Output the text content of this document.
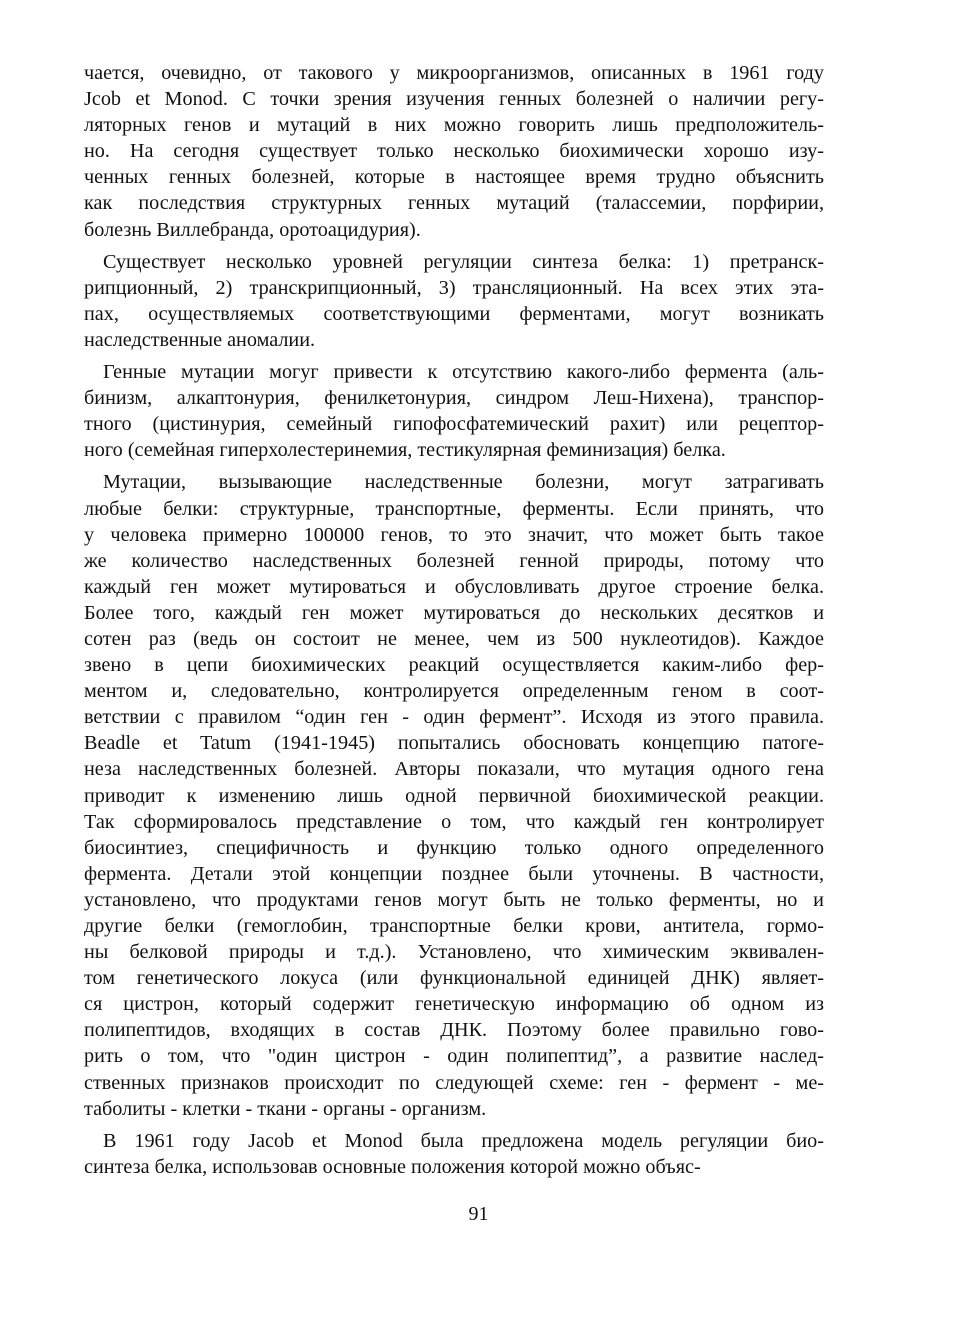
чается, очевидно, от такового у микроорганизмов, описанных в 1961 году
Jcob et Monod. С точки зрения изучения генных болезней о наличии регу-
ляторных генов и мутаций в них можно говорить лишь предположитель-
но. На сегодня существует только несколько биохимически хорошо изу-
ченных генных болезней, которые в настоящее время трудно объяснить
как последствия структурных генных мутаций (талассемии, порфирии,
болезнь Виллебранда, оротоацидурия).
Существует несколько уровней регуляции синтеза белка: 1) претранск-
рипционный, 2) транскрипционный, 3) трансляционный. На всех этих эта-
пах, осуществляемых соответствующими ферментами, могут возникать
наследственные аномалии.
Генные мутации могуг привести к отсутствию какого-либо фермента (аль-
бинизм, алкаптонурия, фенилкетонурия, синдром Леш-Нихена), транспор-
тного (цистинурия, семейный гипофосфатемический рахит) или рецептор-
ного (семейная гиперхолестеринемия, тестикулярная феминизация) белка.
Мутации, вызывающие наследственные болезни, могут затрагивать
любые белки: структурные, транспортные, ферменты. Если принять, что
у человека примерно 100000 генов, то это значит, что может быть такое
же количество наследственных болезней генной природы, потому что
каждый ген может мутироваться и обусловливать другое строение белка.
Более того, каждый ген может мутироваться до нескольких десятков и
сотен раз (ведь он состоит не менее, чем из 500 нуклеотидов). Каждое
звено в цепи биохимических реакций осуществляется каким-либо фер-
ментом и, следовательно, контролируется определенным геном в соот-
ветствии с правилом “один ген - один фермент”. Исходя из этого правила.
Beadle et Tatum (1941-1945) попытались обосновать концепцию патоге-
неза наследственных болезней. Авторы показали, что мутация одного гена
приводит к изменению лишь одной первичной биохимической реакции.
Так сформировалось представление о том, что каждый ген контролирует
биосинтиез, специфичность и функцию только одного определенного
фермента. Детали этой концепции позднее были уточнены. В частности,
установлено, что продуктами генов могут быть не только ферменты, но и
другие белки (гемоглобин, транспортные белки крови, антитела, гормо-
ны белковой природы и т.д.). Установлено, что химическим эквивален-
том генетического локуса (или функциональной единицей ДНК) являет-
ся цистрон, который содержит генетическую информацию об одном из
полипептидов, входящих в состав ДНК. Поэтому более правильно гово-
рить о том, что "один цистрон - один полипептид”, а развитие наслед-
ственных признаков происходит по следующей схеме: ген - фермент - ме-
таболиты - клетки - ткани - органы - организм.
В 1961 году Jacob et Monod была предложена модель регуляции био-
синтеза белка, использовав основные положения которой можно объяс-
91
